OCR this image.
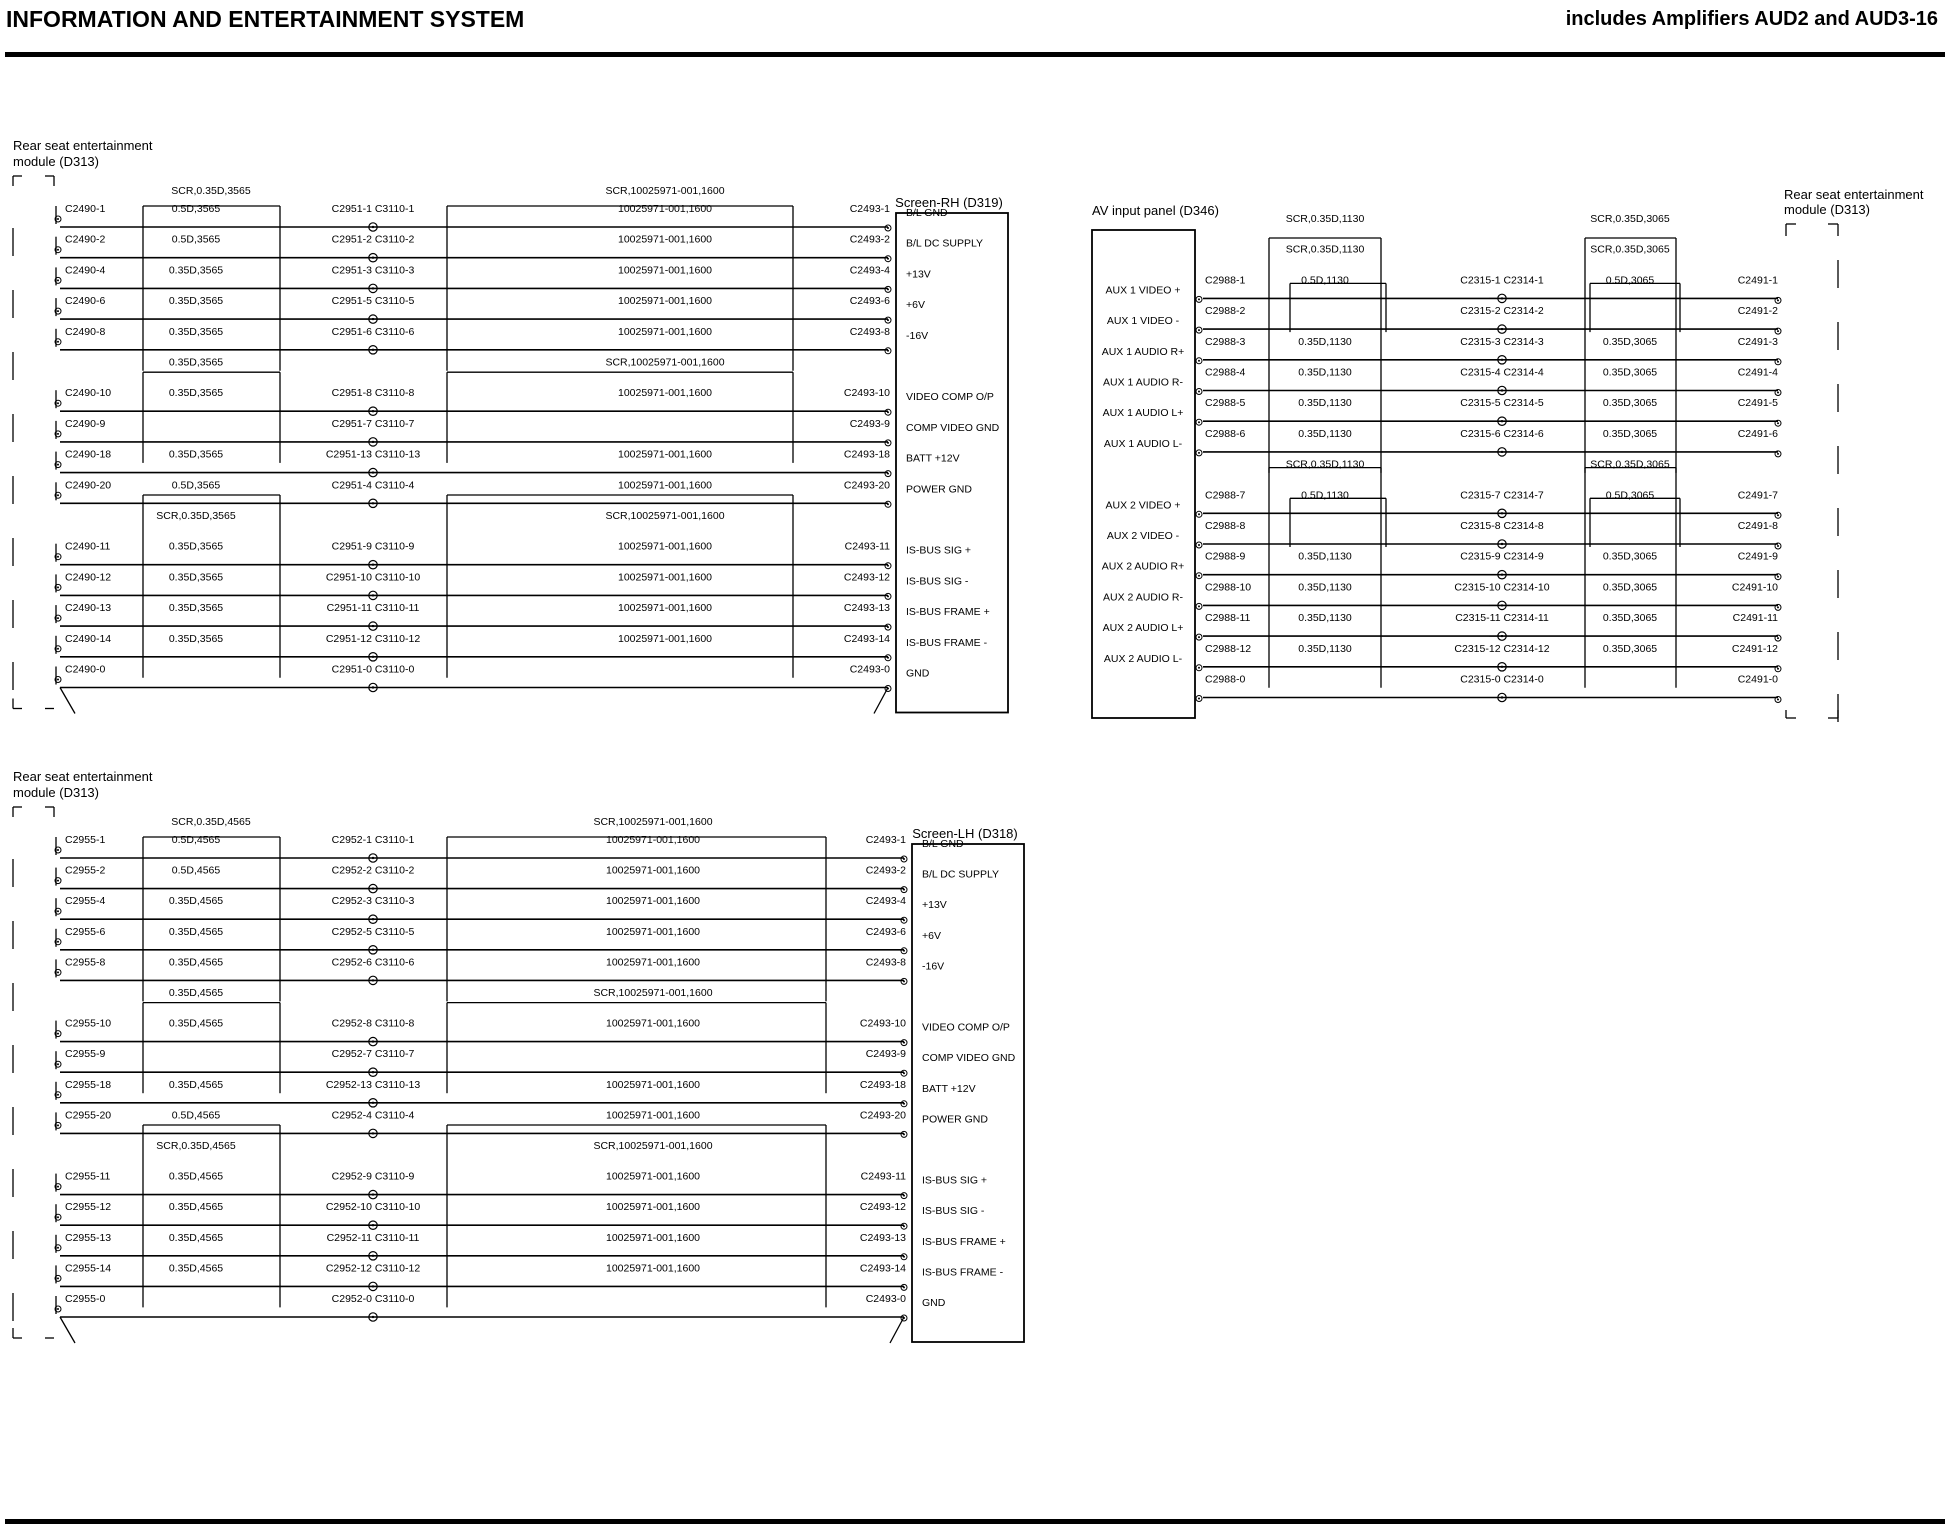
INFORMATION AND ENTERTAINMENT SYSTEM	includes Amplifiers AUD2 and AUD3-16
Rear seat entertainment
module (D313)
SCR,0.35D,3565	SCR,10025971-001,1600
Screen-RH (D319)
C2490-1	0.5D,3565	C2951-1 C3110-1	10025971-001,1600	C2493-1 B/L GND
C2490-2	0.5D,3565	C2951-2 C3110-2	10025971-001,1600	C2493-2 B/L DC SUPPLY
C2490-4	0.35D,3565	C2951-3 C3110-3	10025971-001,1600	C2493-4 +13V
C2490-6	0.35D,3565	C2951-5 C3110-5	10025971-001,1600	C2493-6 +6V
C2490-8	0.35D,3565	C2951-6 C3110-6	10025971-001,1600	C2493-8 -16V
0.35D,3565	SCR,10025971-001,1600
C2490-10	0.35D,3565	C2951-8 C3110-8	10025971-001,1600	C2493-10 VIDEO COMP O/P
C2490-9	C2951-7 C3110-7	C2493-9 COMP VIDEO GND
C2490-18	0.35D,3565	C2951-13 C3110-13	10025971-001,1600	C2493-18 BATT +12V
C2490-20	0.5D,3565	C2951-4 C3110-4	10025971-001,1600	C2493-20 POWER GND
SCR,0.35D,3565	SCR,10025971-001,1600
C2490-11	0.35D,3565	C2951-9 C3110-9	10025971-001,1600	C2493-11 IS-BUS SIG +
C2490-12	0.35D,3565	C2951-10 C3110-10	10025971-001,1600	C2493-12 IS-BUS SIG -
C2490-13	0.35D,3565	C2951-11 C3110-11	10025971-001,1600	C2493-13 IS-BUS FRAME +
C2490-14	0.35D,3565	C2951-12 C3110-12	10025971-001,1600	C2493-14 IS-BUS FRAME -
C2490-0	C2951-0 C3110-0	C2493-0 GND
AV input panel (D346)
Rear seat entertainment
module (D313)
SCR,0.35D,1130	SCR,0.35D,3065
SCR,0.35D,1130	SCR,0.35D,3065
AUX 1 VIDEO +
C2988-1	0.5D,1130	C2315-1 C2314-1	0.5D,3065	C2491-1
AUX 1 VIDEO -
C2988-2	C2315-2 C2314-2	C2491-2
AUX 1 AUDIO R+
C2988-3	0.35D,1130	C2315-3 C2314-3	0.35D,3065	C2491-3
AUX 1 AUDIO R-
C2988-4	0.35D,1130	C2315-4 C2314-4	0.35D,3065	C2491-4
AUX 1 AUDIO L+
C2988-5	0.35D,1130	C2315-5 C2314-5	0.35D,3065	C2491-5
AUX 1 AUDIO L-
C2988-6	0.35D,1130	C2315-6 C2314-6	0.35D,3065	C2491-6
SCR,0.35D,1130	SCR,0.35D,3065
AUX 2 VIDEO +
C2988-7	0.5D,1130	C2315-7 C2314-7	0.5D,3065	C2491-7
AUX 2 VIDEO -
C2988-8	C2315-8 C2314-8	C2491-8
AUX 2 AUDIO R+
C2988-9	0.35D,1130	C2315-9 C2314-9	0.35D,3065	C2491-9
AUX 2 AUDIO R-
C2988-10	0.35D,1130	C2315-10 C2314-10	0.35D,3065	C2491-10
AUX 2 AUDIO L+
C2988-11	0.35D,1130	C2315-11 C2314-11	0.35D,3065	C2491-11
AUX 2 AUDIO L-
C2988-12	0.35D,1130	C2315-12 C2314-12	0.35D,3065	C2491-12
C2988-0	C2315-0 C2314-0	C2491-0
Rear seat entertainment
module (D313)
SCR,0.35D,4565	SCR,10025971-001,1600
Screen-LH (D318)
C2955-1	0.5D,4565	C2952-1 C3110-1	10025971-001,1600	C2493-1 B/L GND
C2955-2	0.5D,4565	C2952-2 C3110-2	10025971-001,1600	C2493-2 B/L DC SUPPLY
C2955-4	0.35D,4565	C2952-3 C3110-3	10025971-001,1600	C2493-4 +13V
C2955-6	0.35D,4565	C2952-5 C3110-5	10025971-001,1600	C2493-6 +6V
C2955-8	0.35D,4565	C2952-6 C3110-6	10025971-001,1600	C2493-8 -16V
0.35D,4565	SCR,10025971-001,1600
C2955-10	0.35D,4565	C2952-8 C3110-8	10025971-001,1600	C2493-10 VIDEO COMP O/P
C2955-9	C2952-7 C3110-7	C2493-9 COMP VIDEO GND
C2955-18	0.35D,4565	C2952-13 C3110-13	10025971-001,1600	C2493-18 BATT +12V
C2955-20	0.5D,4565	C2952-4 C3110-4	10025971-001,1600	C2493-20 POWER GND
SCR,0.35D,4565	SCR,10025971-001,1600
C2955-11	0.35D,4565	C2952-9 C3110-9	10025971-001,1600	C2493-11 IS-BUS SIG +
C2955-12	0.35D,4565	C2952-10 C3110-10	10025971-001,1600	C2493-12 IS-BUS SIG -
C2955-13	0.35D,4565	C2952-11 C3110-11	10025971-001,1600	C2493-13 IS-BUS FRAME +
C2955-14	0.35D,4565	C2952-12 C3110-12	10025971-001,1600	C2493-14 IS-BUS FRAME -
C2955-0	C2952-0 C3110-0	C2493-0 GND
